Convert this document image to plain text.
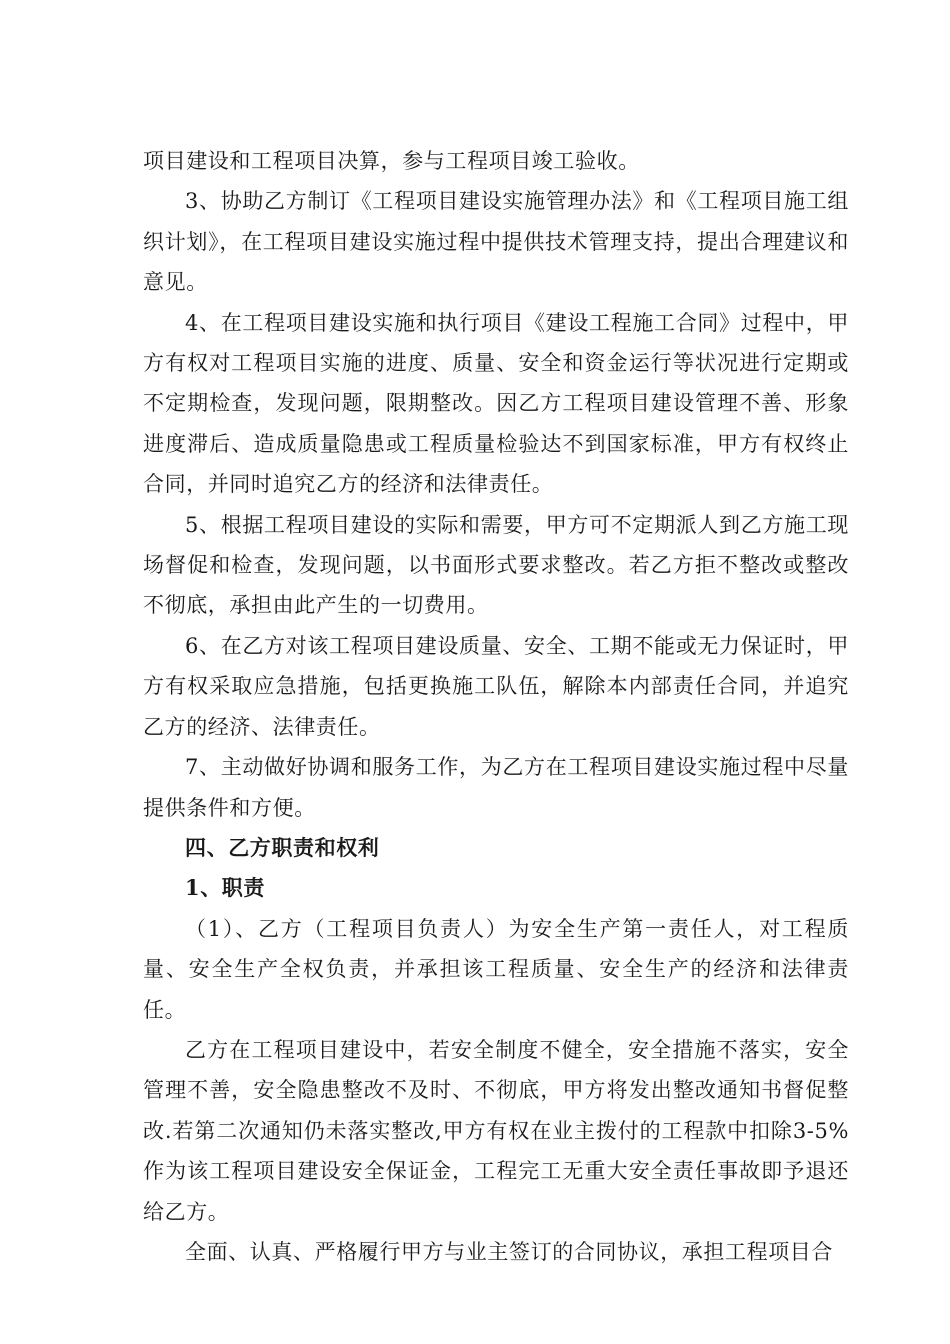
项目建设和工程项目决算，参与工程项目竣工验收。

3、协助乙方制订《工程项目建设实施管理办法》和《工程项目施工组织计划》，在工程项目建设实施过程中提供技术管理支持，提出合理建议和意见。

4、在工程项目建设实施和执行项目《建设工程施工合同》过程中，甲方有权对工程项目实施的进度、质量、安全和资金运行等状况进行定期或不定期检查，发现问题，限期整改。因乙方工程项目建设管理不善、形象进度滞后、造成质量隐患或工程质量检验达不到国家标准，甲方有权终止合同，并同时追究乙方的经济和法律责任。

5、根据工程项目建设的实际和需要，甲方可不定期派人到乙方施工现场督促和检查，发现问题，以书面形式要求整改。若乙方拒不整改或整改不彻底，承担由此产生的一切费用。

6、在乙方对该工程项目建设质量、安全、工期不能或无力保证时，甲方有权采取应急措施，包括更换施工队伍，解除本内部责任合同，并追究乙方的经济、法律责任。

7、主动做好协调和服务工作，为乙方在工程项目建设实施过程中尽量提供条件和方便。

四、乙方职责和权利

1、职责

（1）、乙方（工程项目负责人）为安全生产第一责任人，对工程质量、安全生产全权负责，并承担该工程质量、安全生产的经济和法律责任。

乙方在工程项目建设中，若安全制度不健全，安全措施不落实，安全管理不善，安全隐患整改不及时、不彻底，甲方将发出整改通知书督促整改.若第二次通知仍未落实整改,甲方有权在业主拨付的工程款中扣除3-5%作为该工程项目建设安全保证金，工程完工无重大安全责任事故即予退还给乙方。

全面、认真、严格履行甲方与业主签订的合同协议，承担工程项目合
